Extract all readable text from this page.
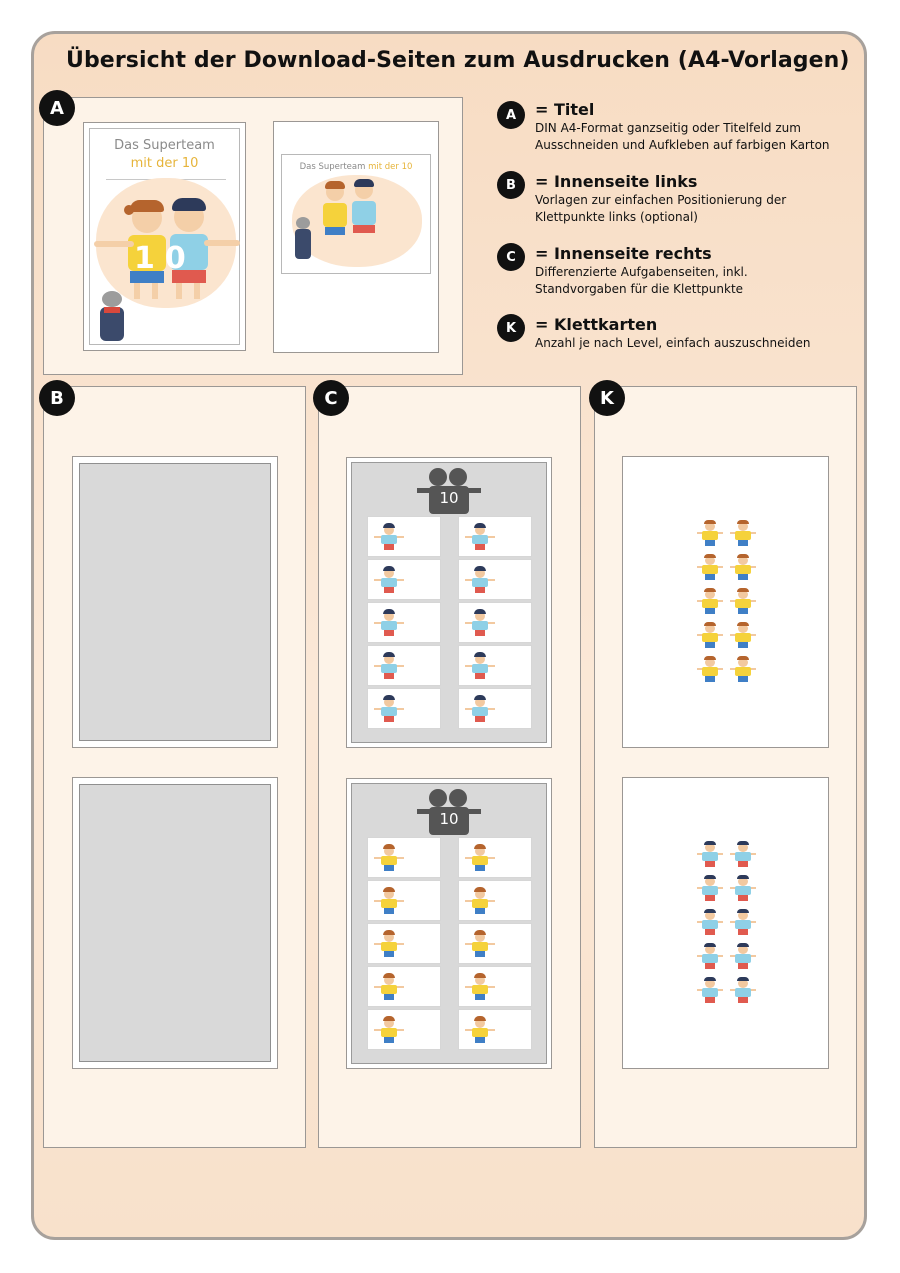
Übersicht der Download-Seiten zum Ausdrucken (A4-Vorlagen)
A
Das Superteam
mit der 10
10
Das Superteam mit der 10
A	= Titel
DIN A4-Format ganzseitig oder Titelfeld zum Ausschneiden und Aufkleben auf farbigen Karton
B	= Innenseite links
Vorlagen zur einfachen Positionierung der Klettpunkte links (optional)
C	= Innenseite rechts
Differenzierte Aufgabenseiten, inkl. Standvorgaben für die Klettpunkte
K	= Klettkarten
Anzahl je nach Level, einfach auszuschneiden
B	C
10
10
K
